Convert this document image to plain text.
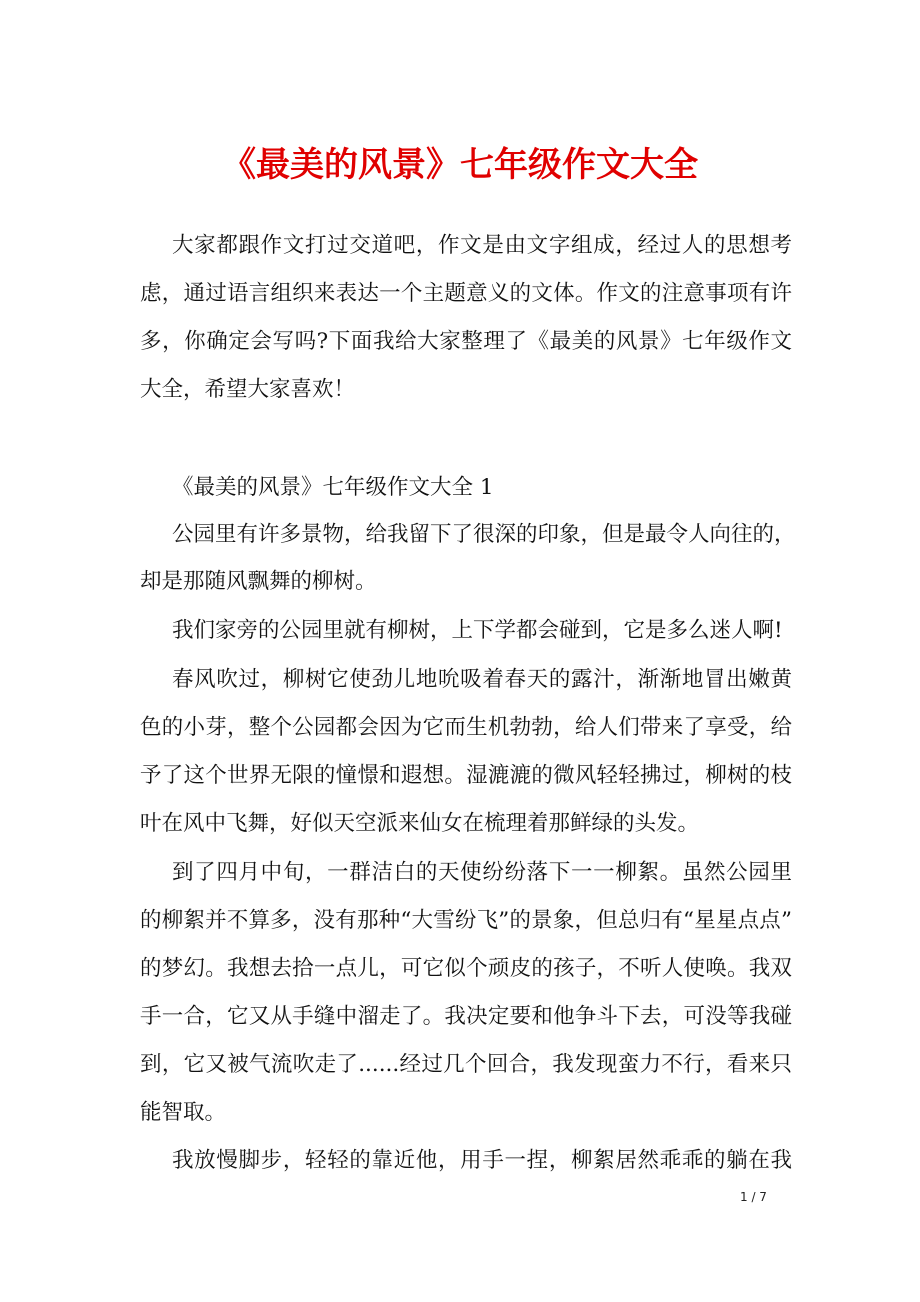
《最美的风景》七年级作文大全
大家都跟作文打过交道吧，作文是由文字组成，经过人的思想考
虑，通过语言组织来表达一个主题意义的文体。作文的注意事项有许
多，你确定会写吗?下面我给大家整理了《最美的风景》七年级作文
大全，希望大家喜欢！
《最美的风景》七年级作文大全 1
公园里有许多景物，给我留下了很深的印象，但是最令人向往的，
却是那随风飘舞的柳树。
我们家旁的公园里就有柳树，上下学都会碰到，它是多么迷人啊!
春风吹过，柳树它使劲儿地吮吸着春天的露汁，渐渐地冒出嫩黄
色的小芽，整个公园都会因为它而生机勃勃，给人们带来了享受，给
予了这个世界无限的憧憬和遐想。湿漉漉的微风轻轻拂过，柳树的枝
叶在风中飞舞，好似天空派来仙女在梳理着那鲜绿的头发。
到了四月中旬，一群洁白的天使纷纷落下一一柳絮。虽然公园里
的柳絮并不算多，没有那种“大雪纷飞”的景象，但总归有“星星点点”
的梦幻。我想去拾一点儿，可它似个顽皮的孩子，不听人使唤。我双
手一合，它又从手缝中溜走了。我决定要和他争斗下去，可没等我碰
到，它又被气流吹走了......经过几个回合，我发现蛮力不行，看来只
能智取。
我放慢脚步，轻轻的靠近他，用手一捏，柳絮居然乖乖的躺在我
1 / 7
